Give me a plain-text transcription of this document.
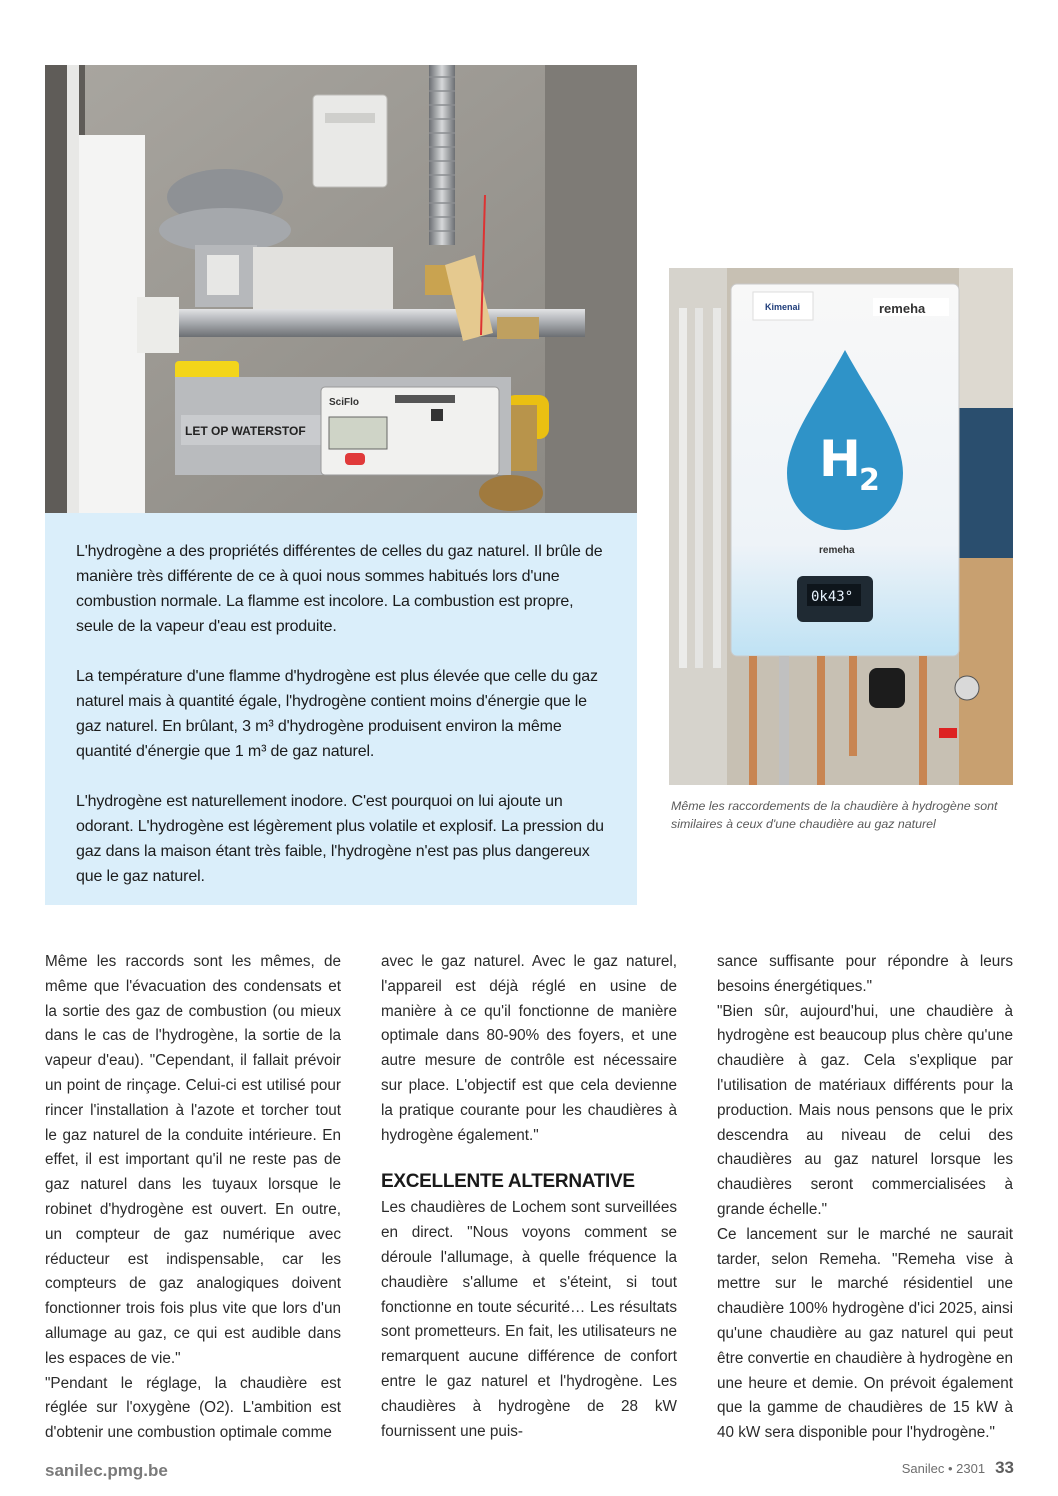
LET OP WATERSTOF
SciFlo

L'hydrogène a des propriétés différentes de celles du gaz naturel. Il brûle de manière très différente de ce à quoi nous sommes habitués lors d'une combustion normale. La flamme est incolore. La combustion est propre, seule de la vapeur d'eau est produite.

La température d'une flamme d'hydrogène est plus élevée que celle du gaz naturel mais à quantité égale, l'hydrogène contient moins d'énergie que le gaz naturel. En brûlant, 3 m³ d'hydrogène produisent environ la même quantité d'énergie que 1 m³ de gaz naturel.

L'hydrogène est naturellement inodore. C'est pourquoi on lui ajoute un odorant. L'hydrogène est légèrement plus volatile et explosif. La pression du gaz dans la maison étant très faible, l'hydrogène n'est pas plus dangereux que le gaz naturel.

Kimenai	remeha
H
2
remeha
0k43°
Même les raccordements de la chaudière à hydrogène sont similaires à ceux d'une chaudière au gaz naturel

Même les raccords sont les mêmes, de même que l'évacuation des condensats et la sortie des gaz de combustion (ou mieux dans le cas de l'hydrogène, la sortie de la vapeur d'eau). "Cependant, il fallait prévoir un point de rinçage. Celui-ci est utilisé pour rincer l'installation à l'azote et torcher tout le gaz naturel de la conduite intérieure. En effet, il est important qu'il ne reste pas de gaz naturel dans les tuyaux lorsque le robinet d'hydrogène est ouvert. En outre, un compteur de gaz numérique avec réducteur est indispensable, car les compteurs de gaz analogiques doivent fonctionner trois fois plus vite que lors d'un allumage au gaz, ce qui est audible dans les espaces de vie."

"Pendant le réglage, la chaudière est réglée sur l'oxygène (O2). L'ambition est d'obtenir une combustion optimale comme

avec le gaz naturel. Avec le gaz naturel, l'appareil est déjà réglé en usine de manière à ce qu'il fonctionne de manière optimale dans 80-90% des foyers, et une autre mesure de contrôle est nécessaire sur place. L'objectif est que cela devienne la pratique courante pour les chaudières à hydrogène également."

EXCELLENTE ALTERNATIVE

Les chaudières de Lochem sont surveillées en direct. "Nous voyons comment se déroule l'allumage, à quelle fréquence la chaudière s'allume et s'éteint, si tout fonctionne en toute sécurité… Les résultats sont prometteurs. En fait, les utilisateurs ne remarquent aucune différence de confort entre le gaz naturel et l'hydrogène. Les chaudières à hydrogène de 28 kW fournissent une puis-

sance suffisante pour répondre à leurs besoins énergétiques."

"Bien sûr, aujourd'hui, une chaudière à hydrogène est beaucoup plus chère qu'une chaudière à gaz. Cela s'explique par l'utilisation de matériaux différents pour la production. Mais nous pensons que le prix descendra au niveau de celui des chaudières au gaz naturel lorsque les chaudières seront commercialisées à grande échelle."

Ce lancement sur le marché ne saurait tarder, selon Remeha. "Remeha vise à mettre sur le marché résidentiel une chaudière 100% hydrogène d'ici 2025, ainsi qu'une chaudière au gaz naturel qui peut être convertie en chaudière à hydrogène en une heure et demie. On prévoit également que la gamme de chaudières de 15 kW à 40 kW sera disponible pour l'hydrogène."

sanilec.pmg.be	Sanilec • 2301 33
